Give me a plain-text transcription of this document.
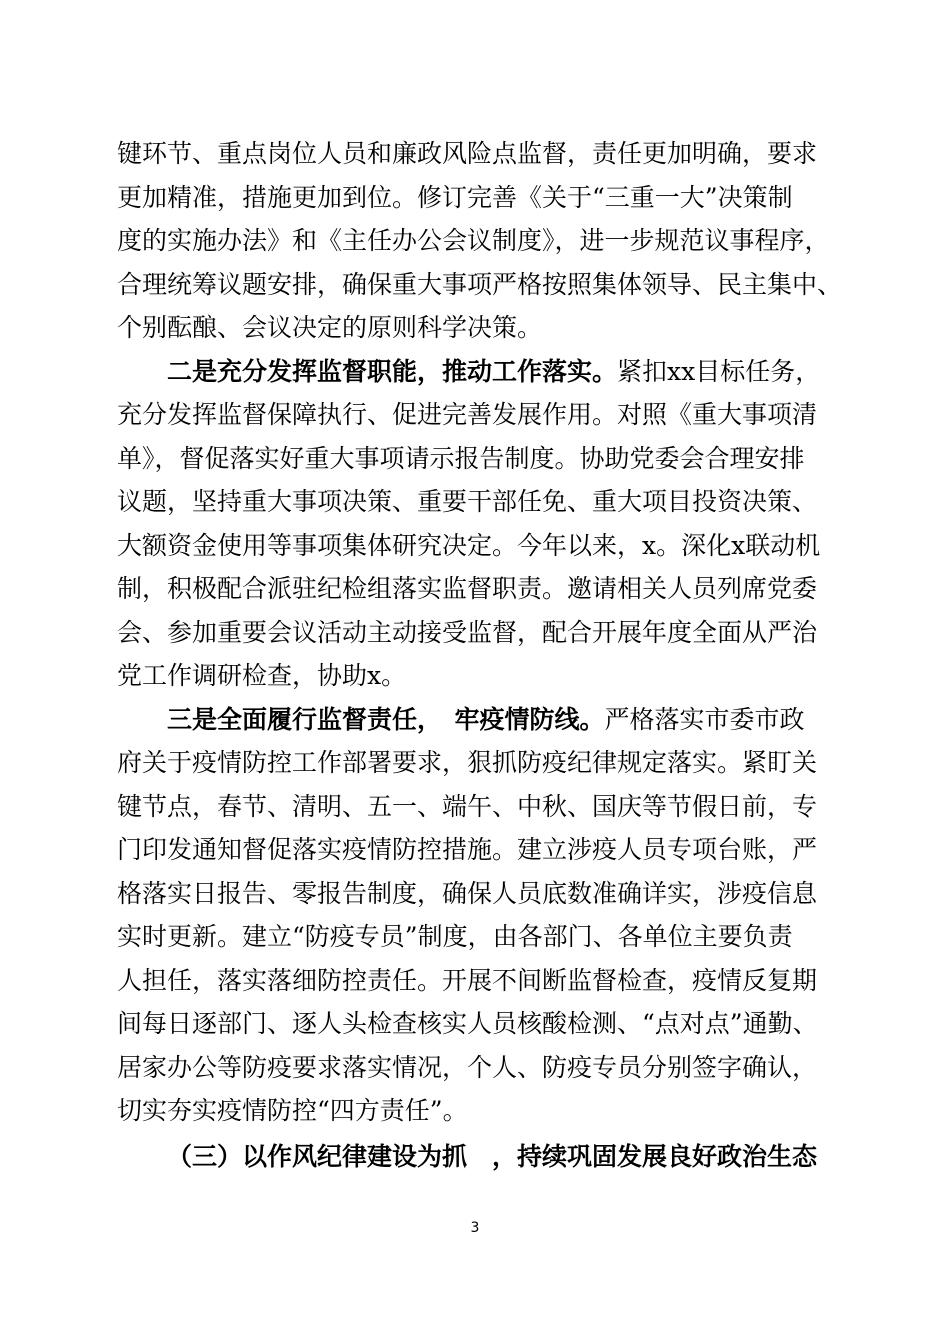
键环节、重点岗位人员和廉政风险点监督，责任更加明确，要求
更加精准，措施更加到位。修订完善《关于“三重一大”决策制
度的实施办法》和《主任办公会议制度》，进一步规范议事程序，
合理统筹议题安排，确保重大事项严格按照集体领导、民主集中、
个别酝酿、会议决定的原则科学决策。
二是充分发挥监督职能，推动工作落实。紧扣xx目标任务，
充分发挥监督保障执行、促进完善发展作用。对照《重大事项清
单》，督促落实好重大事项请示报告制度。协助党委会合理安排
议题，坚持重大事项决策、重要干部任免、重大项目投资决策、
大额资金使用等事项集体研究决定。今年以来，x。深化x联动机
制，积极配合派驻纪检组落实监督职责。邀请相关人员列席党委
会、参加重要会议活动主动接受监督，配合开展年度全面从严治
党工作调研检查，协助x。
三是全面履行监督责任，　牢疫情防线。严格落实市委市政
府关于疫情防控工作部署要求，狠抓防疫纪律规定落实。紧盯关
键节点，春节、清明、五一、端午、中秋、国庆等节假日前，专
门印发通知督促落实疫情防控措施。建立涉疫人员专项台账，严
格落实日报告、零报告制度，确保人员底数准确详实，涉疫信息
实时更新。建立“防疫专员”制度，由各部门、各单位主要负责
人担任，落实落细防控责任。开展不间断监督检查，疫情反复期
间每日逐部门、逐人头检查核实人员核酸检测、“点对点”通勤、
居家办公等防疫要求落实情况，个人、防疫专员分别签字确认，
切实夯实疫情防控“四方责任”。
（三）以作风纪律建设为抓　，持续巩固发展良好政治生态
3
